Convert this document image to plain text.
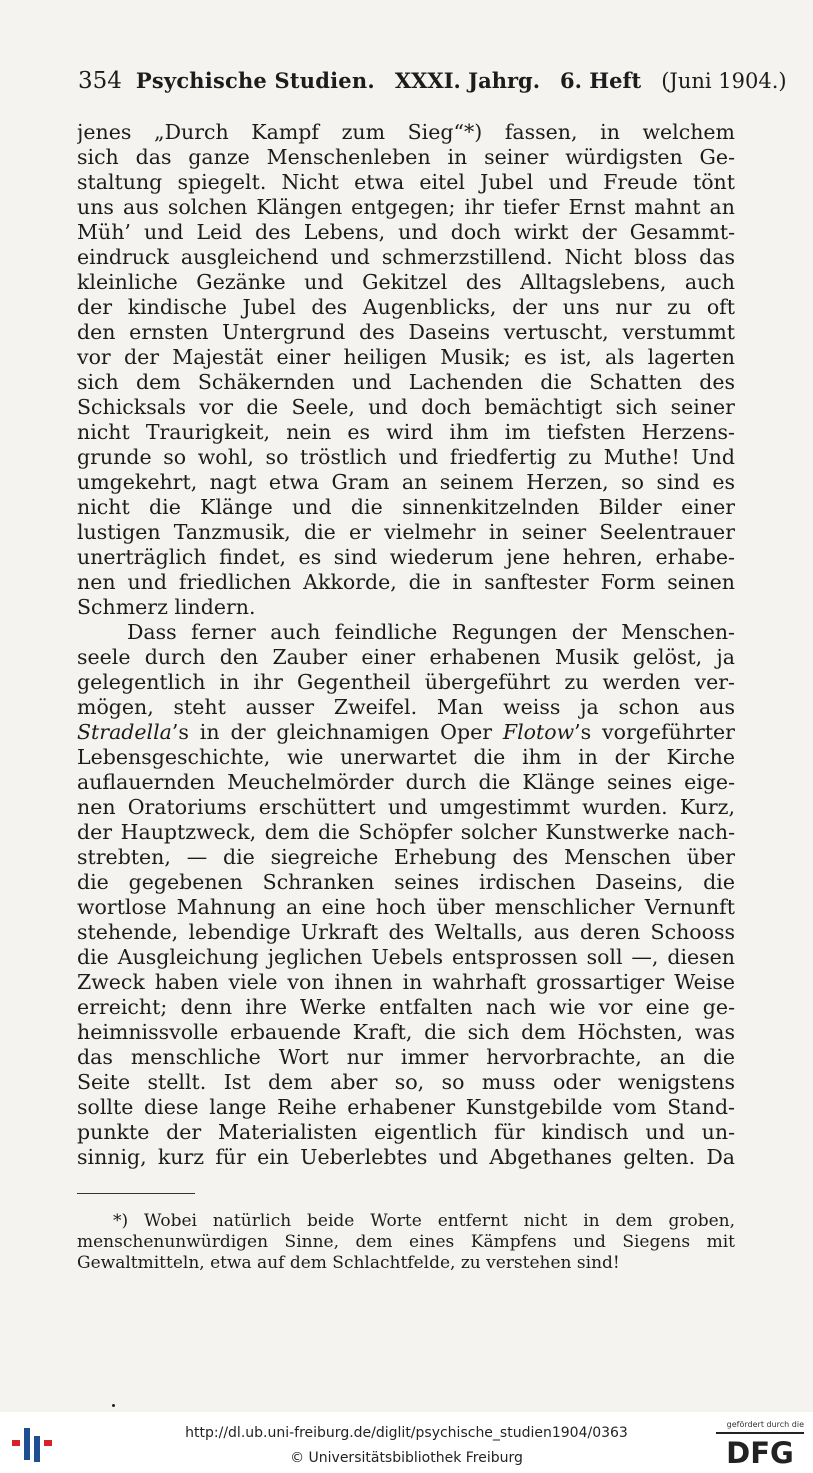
354 Psychische Studien. XXXI. Jahrg. 6. Heft (Juni 1904.)
jenes „Durch Kampf zum Sieg“*) fassen, in welchem
sich das ganze Menschenleben in seiner würdigsten Ge-
staltung spiegelt. Nicht etwa eitel Jubel und Freude tönt
uns aus solchen Klängen entgegen; ihr tiefer Ernst mahnt an
Müh’ und Leid des Lebens, und doch wirkt der Gesammt-
eindruck ausgleichend und schmerzstillend. Nicht bloss das
kleinliche Gezänke und Gekitzel des Alltagslebens, auch
der kindische Jubel des Augenblicks, der uns nur zu oft
den ernsten Untergrund des Daseins vertuscht, verstummt
vor der Majestät einer heiligen Musik; es ist, als lagerten
sich dem Schäkernden und Lachenden die Schatten des
Schicksals vor die Seele, und doch bemächtigt sich seiner
nicht Traurigkeit, nein es wird ihm im tiefsten Herzens-
grunde so wohl, so tröstlich und friedfertig zu Muthe! Und
umgekehrt, nagt etwa Gram an seinem Herzen, so sind es
nicht die Klänge und die sinnenkitzelnden Bilder einer
lustigen Tanzmusik, die er vielmehr in seiner Seelentrauer
unerträglich findet, es sind wiederum jene hehren, erhabe-
nen und friedlichen Akkorde, die in sanftester Form seinen
Schmerz lindern.
Dass ferner auch feindliche Regungen der Menschen-
seele durch den Zauber einer erhabenen Musik gelöst, ja
gelegentlich in ihr Gegentheil übergeführt zu werden ver-
mögen, steht ausser Zweifel. Man weiss ja schon aus
Stradella’s in der gleichnamigen Oper Flotow’s vorgeführter
Lebensgeschichte, wie unerwartet die ihm in der Kirche
auflauernden Meuchelmörder durch die Klänge seines eige-
nen Oratoriums erschüttert und umgestimmt wurden. Kurz,
der Hauptzweck, dem die Schöpfer solcher Kunstwerke nach-
strebten, — die siegreiche Erhebung des Menschen über
die gegebenen Schranken seines irdischen Daseins, die
wortlose Mahnung an eine hoch über menschlicher Vernunft
stehende, lebendige Urkraft des Weltalls, aus deren Schooss
die Ausgleichung jeglichen Uebels entsprossen soll —, diesen
Zweck haben viele von ihnen in wahrhaft grossartiger Weise
erreicht; denn ihre Werke entfalten nach wie vor eine ge-
heimnissvolle erbauende Kraft, die sich dem Höchsten, was
das menschliche Wort nur immer hervorbrachte, an die
Seite stellt. Ist dem aber so, so muss oder wenigstens
sollte diese lange Reihe erhabener Kunstgebilde vom Stand-
punkte der Materialisten eigentlich für kindisch und un-
sinnig, kurz für ein Ueberlebtes und Abgethanes gelten. Da
*) Wobei natürlich beide Worte entfernt nicht in dem groben,
menschenunwürdigen Sinne, dem eines Kämpfens und Siegens mit
Gewaltmitteln, etwa auf dem Schlachtfelde, zu verstehen sind!
http://dl.ub.uni-freiburg.de/diglit/psychische_studien1904/0363
© Universitätsbibliothek Freiburg
gefördert durch die
DFG
